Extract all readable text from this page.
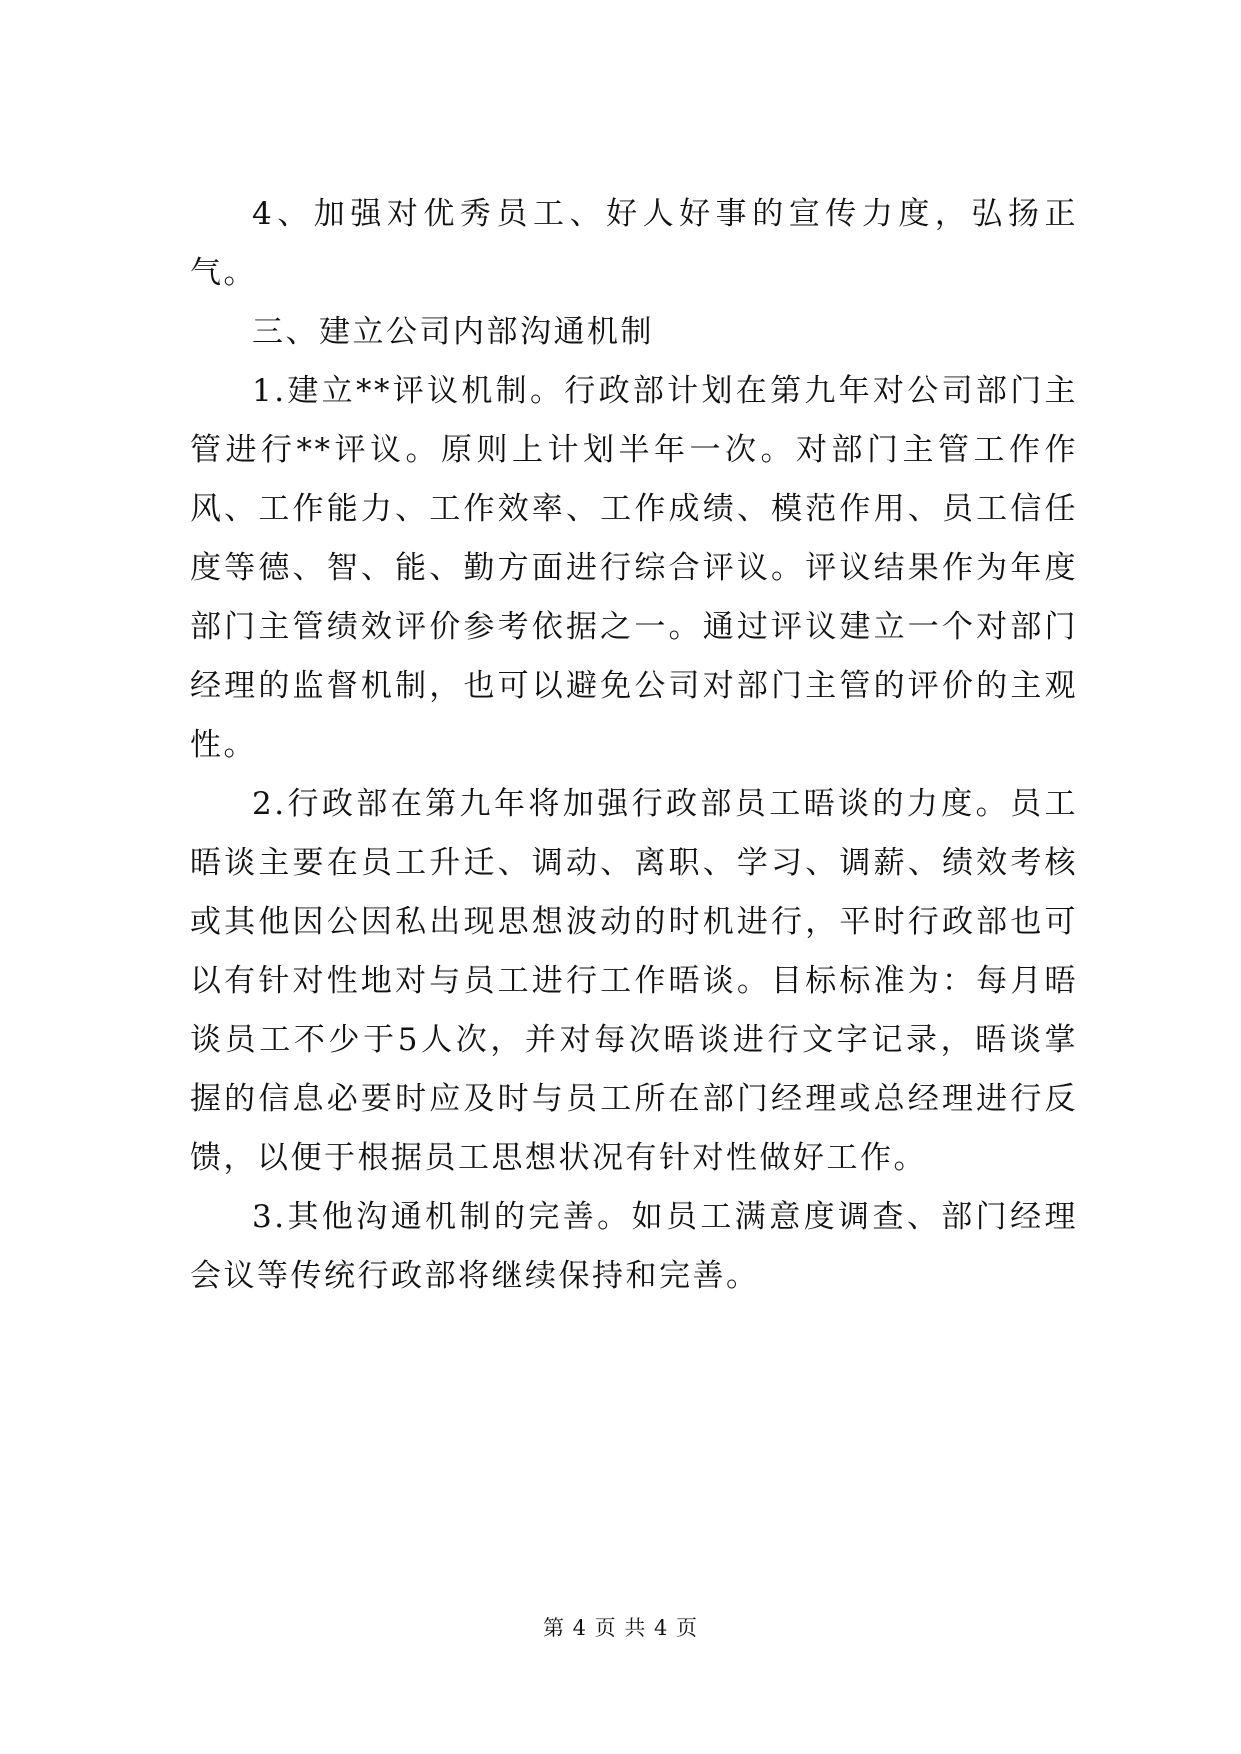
4、加强对优秀员工、好人好事的宣传力度，弘扬正气。

三、建立公司内部沟通机制

1.建立**评议机制。行政部计划在第九年对公司部门主管进行**评议。原则上计划半年一次。对部门主管工作作风、工作能力、工作效率、工作成绩、模范作用、员工信任度等德、智、能、勤方面进行综合评议。评议结果作为年度部门主管绩效评价参考依据之一。通过评议建立一个对部门经理的监督机制，也可以避免公司对部门主管的评价的主观性。

2.行政部在第九年将加强行政部员工晤谈的力度。员工晤谈主要在员工升迁、调动、离职、学习、调薪、绩效考核或其他因公因私出现思想波动的时机进行，平时行政部也可以有针对性地对与员工进行工作晤谈。目标标准为：每月晤谈员工不少于5人次，并对每次晤谈进行文字记录，晤谈掌握的信息必要时应及时与员工所在部门经理或总经理进行反馈，以便于根据员工思想状况有针对性做好工作。

3.其他沟通机制的完善。如员工满意度调查、部门经理会议等传统行政部将继续保持和完善。

第 4 页 共 4 页
